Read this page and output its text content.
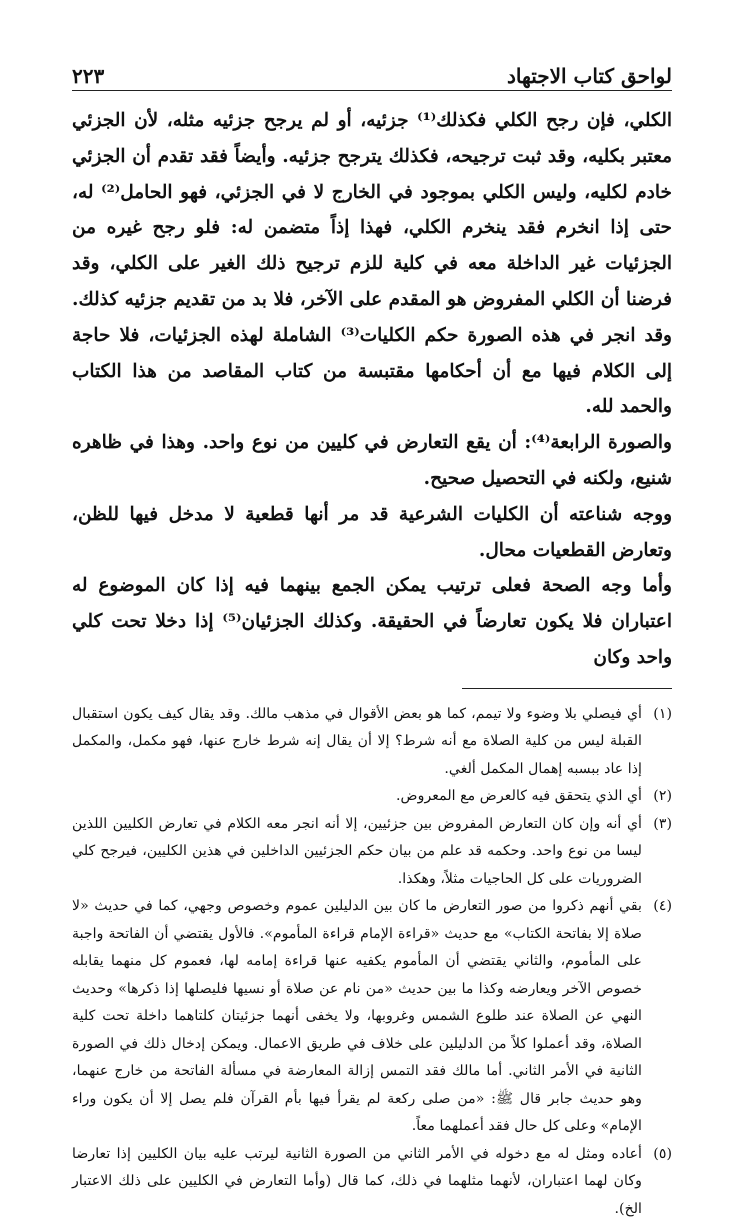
لواحق كتاب الاجتهاد
٢٢٣

الكلي، فإن رجح الكلي فكذلك⁽¹⁾ جزئيه، أو لم يرجح جزئيه مثله، لأن الجزئي معتبر بكليه، وقد ثبت ترجيحه، فكذلك يترجح جزئيه. وأيضاً فقد تقدم أن الجزئي خادم لكليه، وليس الكلي بموجود في الخارج لا في الجزئي، فهو الحامل⁽²⁾ له، حتى إذا انخرم فقد ينخرم الكلي، فهذا إذاً متضمن له: فلو رجح غيره من الجزئيات غير الداخلة معه في كلية للزم ترجيح ذلك الغير على الكلي، وقد فرضنا أن الكلي المفروض هو المقدم على الآخر، فلا بد من تقديم جزئيه كذلك. وقد انجر في هذه الصورة حكم الكليات⁽³⁾ الشاملة لهذه الجزئيات، فلا حاجة إلى الكلام فيها مع أن أحكامها مقتبسة من كتاب المقاصد من هذا الكتاب والحمد لله.

والصورة الرابعة⁽⁴⁾: أن يقع التعارض في كليين من نوع واحد. وهذا في ظاهره شنيع، ولكنه في التحصيل صحيح.

ووجه شناعته أن الكليات الشرعية قد مر أنها قطعية لا مدخل فيها للظن، وتعارض القطعيات محال.

وأما وجه الصحة فعلى ترتيب يمكن الجمع بينهما فيه إذا كان الموضوع له اعتباران فلا يكون تعارضاً في الحقيقة. وكذلك الجزئيان⁽⁵⁾ إذا دخلا تحت كلي واحد وكان

(١)
أي فيصلي بلا وضوء ولا تيمم، كما هو بعض الأقوال في مذهب مالك. وقد يقال كيف يكون استقبال القبلة ليس من كلية الصلاة مع أنه شرط؟ إلا أن يقال إنه شرط خارج عنها، فهو مكمل، والمكمل إذا عاد ببسبه إهمال المكمل ألغي.
(٢)
أي الذي يتحقق فيه كالعرض مع المعروض.
(٣)
أي أنه وإن كان التعارض المفروض بين جزئيين، إلا أنه انجر معه الكلام في تعارض الكليين اللذين ليسا من نوع واحد. وحكمه قد علم من بيان حكم الجزئيين الداخلين في هذين الكليين، فيرجح كلي الضروريات على كل الحاجيات مثلاً، وهكذا.
(٤)
بقي أنهم ذكروا من صور التعارض ما كان بين الدليلين عموم وخصوص وجهي، كما في حديث «لا صلاة إلا بفاتحة الكتاب» مع حديث «قراءة الإمام قراءة المأموم». فالأول يقتضي أن الفاتحة واجبة على المأموم، والثاني يقتضي أن المأموم يكفيه عنها قراءة إمامه لها، فعموم كل منهما يقابله خصوص الآخر ويعارضه وكذا ما بين حديث «من نام عن صلاة أو نسيها فليصلها إذا ذكرها» وحديث النهي عن الصلاة عند طلوع الشمس وغروبها، ولا يخفى أنهما جزئيتان كلتاهما داخلة تحت كلية الصلاة، وقد أعملوا كلاً من الدليلين على خلاف في طريق الاعمال. ويمكن إدخال ذلك في الصورة الثانية في الأمر الثاني. أما مالك فقد التمس إزالة المعارضة في مسألة الفاتحة من خارج عنهما، وهو حديث جابر قال ﷺ: «من صلى ركعة لم يقرأ فيها بأم القرآن فلم يصل إلا أن يكون وراء الإمام» وعلى كل حال فقد أعملهما معاً.
(٥)
أعاده ومثل له مع دخوله في الأمر الثاني من الصورة الثانية ليرتب عليه بيان الكليين إذا تعارضا وكان لهما اعتباران، لأنهما مثلهما في ذلك، كما قال (وأما التعارض في الكليين على ذلك الاعتبار الخ).
